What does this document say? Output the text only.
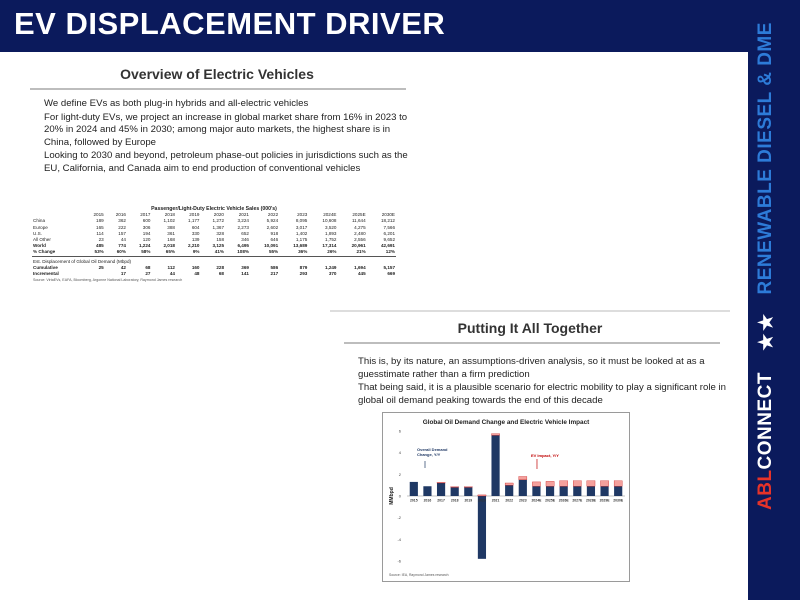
EV DISPLACEMENT DRIVER
ABL
CONNECT
★★
RENEWABLE DIESEL & DME
Overview of Electric Vehicles

We define EVs as both plug-in hybrids and all-electric vehicles

For light-duty EVs, we project an increase in global market share from 16% in 2023 to 20% in 2024 and 45% in 2030; among major auto markets, the highest share is in China, followed by Europe

Looking to 2030 and beyond, petroleum phase-out policies in jurisdictions such as the EU, California, and Canada aim to end production of conventional vehicles

Passenger/Light-Duty Electric Vehicle Sales (000's)												
	2015	2016	2017	2018	2019	2020	2021	2022	2023	2024E	2025E	2030E
China	189	362	600	1,102	1,177	1,272	3,224	5,924	8,095	10,608	11,644	18,212
Europe	165	222	306	388	604	1,367	2,273	2,602	3,017	3,520	4,275	7,566
U.S.	114	157	194	361	330	328	652	918	1,402	1,893	2,480	6,201
All Other	23	44	120	168	139	158	346	646	1,175	1,752	2,556	9,652
World	485	774	1,224	2,018	2,210	3,125	6,495	10,091	13,689	17,314	20,961	42,691
% Change	53%	60%	58%	65%	9%	41%	108%	55%	36%	26%	21%	12%
Est. Displacement of Global Oil Demand (Mbpd)												
Cumulative	25	42	68	112	160	228	369	586	879	1,249	1,694	5,157
Incremental		17	27	44	48	68	141	217	293	370	445	669
Source: VirtaEVs, EAFA, Bloomberg, Argonne National Laboratory, Raymond James research												
Putting It All Together

This is, by its nature, an assumptions-driven analysis, so it must be looked at as a guesstimate rather than a firm prediction

That being said, it is a plausible scenario for electric mobility to play a significant role in global oil demand peaking towards the end of this decade

Global Oil Demand Change and Electric Vehicle Impact
MMbpd
-6
-4
-2
0
2
4
6
2015 2016 2017 2018 2019 2020 2021 2022 2023 2024E 2025E 2026E 2027E 2028E 2029E 2030E
Overall Demand Change, Y/Y	EV Impact, Y/Y
Source: IEA, Raymond James research
